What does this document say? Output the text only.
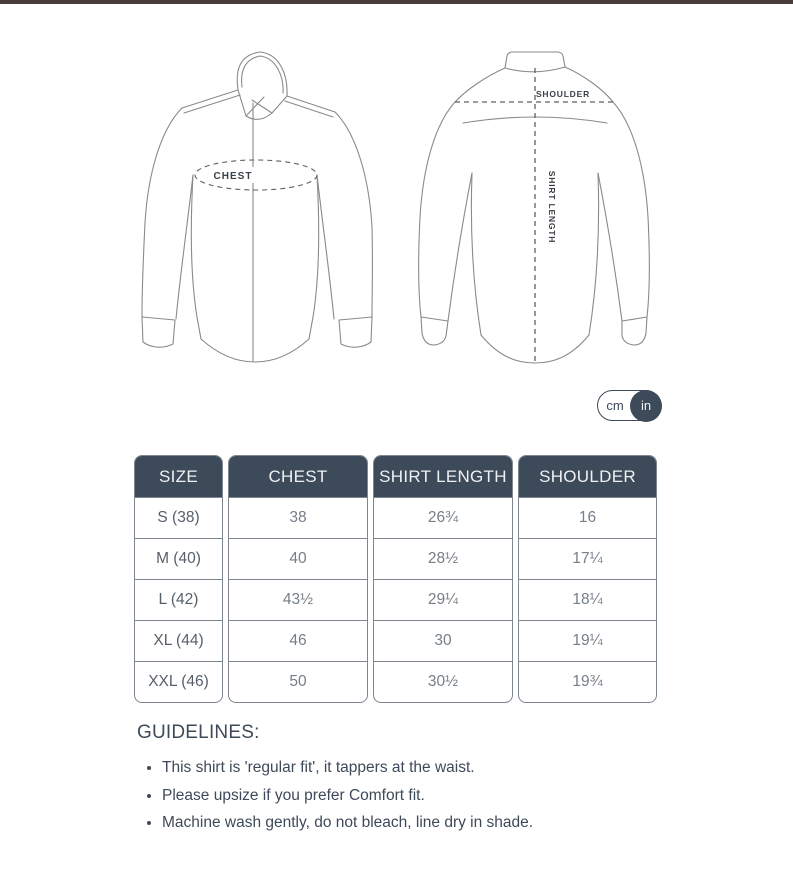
CHEST
SHOULDER
SHIRT LENGTH
cm	in
SIZE
S (38)
M (40)
L (42)
XL (44)
XXL (46)
CHEST
38
40
43½
46
50
SHIRT LENGTH
26¾
28½
29¼
30
30½
SHOULDER
16
17¼
18¼
19¼
19¾
GUIDELINES:
• This shirt is 'regular fit', it tappers at the waist.
• Please upsize if you prefer Comfort fit.
• Machine wash gently, do not bleach, line dry in shade.
